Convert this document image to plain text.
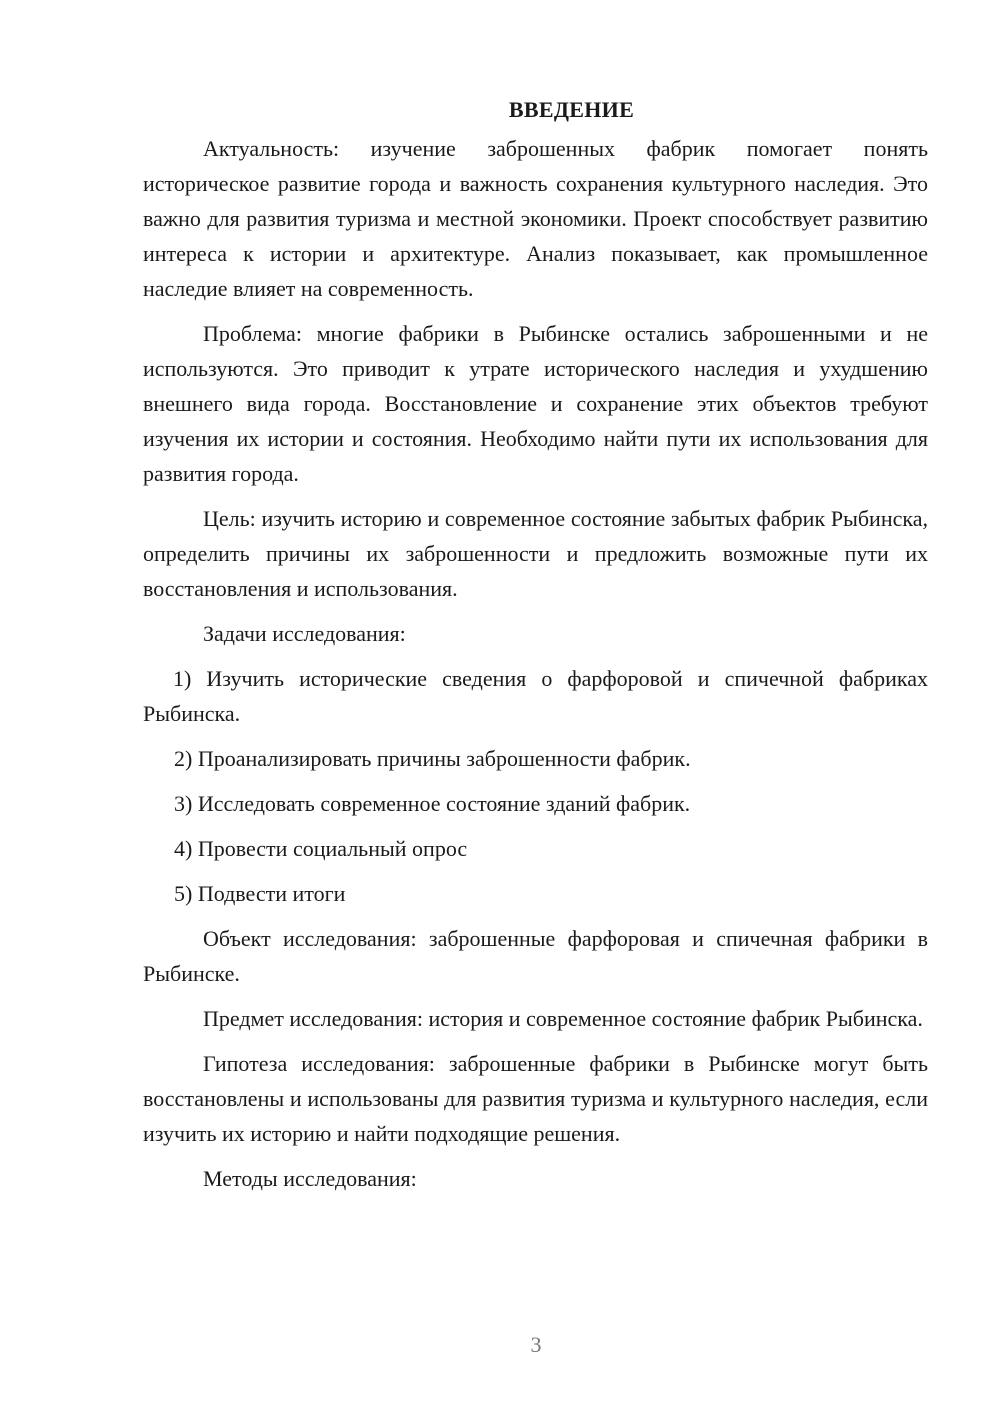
ВВЕДЕНИЕ

Актуальность: изучение заброшенных фабрик помогает понять историческое развитие города и важность сохранения культурного наследия. Это важно для развития туризма и местной экономики. Проект способствует развитию интереса к истории и архитектуре. Анализ показывает, как промышленное наследие влияет на современность.

Проблема: многие фабрики в Рыбинске остались заброшенными и не используются. Это приводит к утрате исторического наследия и ухудшению внешнего вида города. Восстановление и сохранение этих объектов требуют изучения их истории и состояния. Необходимо найти пути их использования для развития города.

Цель: изучить историю и современное состояние забытых фабрик Рыбинска, определить причины их заброшенности и предложить возможные пути их восстановления и использования.

Задачи исследования:

1) Изучить исторические сведения о фарфоровой и спичечной фабриках Рыбинска.

2) Проанализировать причины заброшенности фабрик.

3) Исследовать современное состояние зданий фабрик.

4) Провести социальный опрос

5) Подвести итоги

Объект исследования: заброшенные фарфоровая и спичечная фабрики в Рыбинске.

Предмет исследования: история и современное состояние фабрик Рыбинска.

Гипотеза исследования: заброшенные фабрики в Рыбинске могут быть восстановлены и использованы для развития туризма и культурного наследия, если изучить их историю и найти подходящие решения.

Методы исследования:

3
